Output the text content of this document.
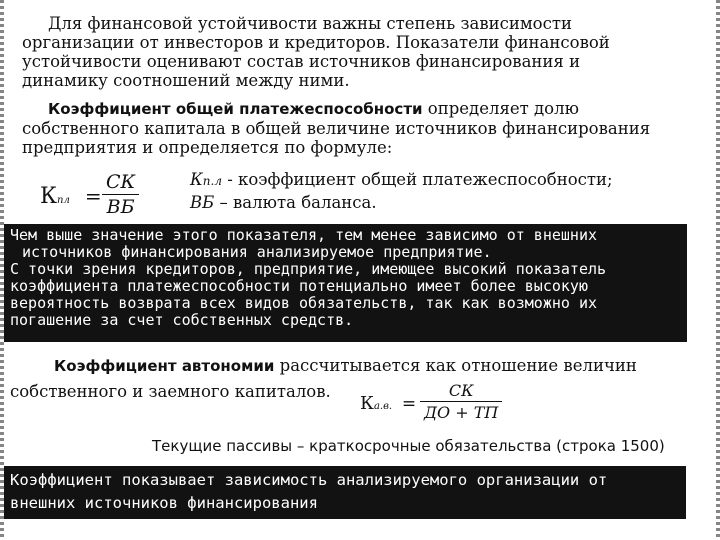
Для финансовой устойчивости важны степень зависимости
организации от инвесторов и кредиторов. Показатели финансовой
устойчивости оценивают состав источников финансирования и
динамику соотношений между ними.
Коэффициент общей платежеспособности определяет долю
собственного капитала в общей величине источников финансирования
предприятия и определяется по формуле:
Кпл =
СК
ВБ
Кп.л - коэффициент общей платежеспособности;
ВБ – валюта баланса.
Чем выше значение этого показателя, тем менее зависимо от внешних
источников финансирования анализируемое предприятие.
С точки зрения кредиторов, предприятие, имеющее высокий показатель
коэффициента платежеспособности потенциально имеет более высокую
вероятность возврата всех видов обязательств, так как возможно их
погашение за счет собственных средств.
Коэффициент автономии рассчитывается как отношение величин
собственного и заемного капиталов.
Ка.в. =
СК
ДО + ТП
Текущие пассивы – краткосрочные обязательства (строка 1500)
Коэффициент показывает зависимость анализируемого организации от
внешних источников финансирования
